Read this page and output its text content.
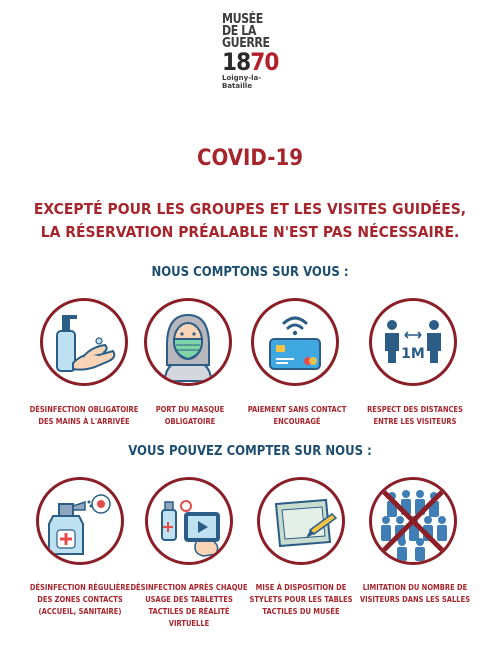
MUSÉE
DE LA
GUERRE
1870
Loigny-la-Bataille
COVID-19
EXCEPTÉ POUR LES GROUPES ET LES VISITES GUIDÉES,
LA RÉSERVATION PRÉALABLE N'EST PAS NÉCESSAIRE.
NOUS COMPTONS SUR VOUS :
1M
DÉSINFECTION OBLIGATOIRE
DES MAINS À L'ARRIVÉE
PORT DU MASQUE
OBLIGATOIRE
PAIEMENT SANS CONTACT
ENCOURAGÉ
RESPECT DES DISTANCES
ENTRE LES VISITEURS
VOUS POUVEZ COMPTER SUR NOUS :
DÉSINFECTION RÉGULIÈRE
DES ZONES CONTACTS
(ACCUEIL, SANITAIRE)
DÉSINFECTION APRÈS CHAQUE
USAGE DES TABLETTES
TACTILES DE RÉALITÉ VIRTUELLE
MISE À DISPOSITION DE
STYLETS POUR LES TABLES
TACTILES DU MUSÉE
LIMITATION DU NOMBRE DE
VISITEURS DANS LES SALLES
